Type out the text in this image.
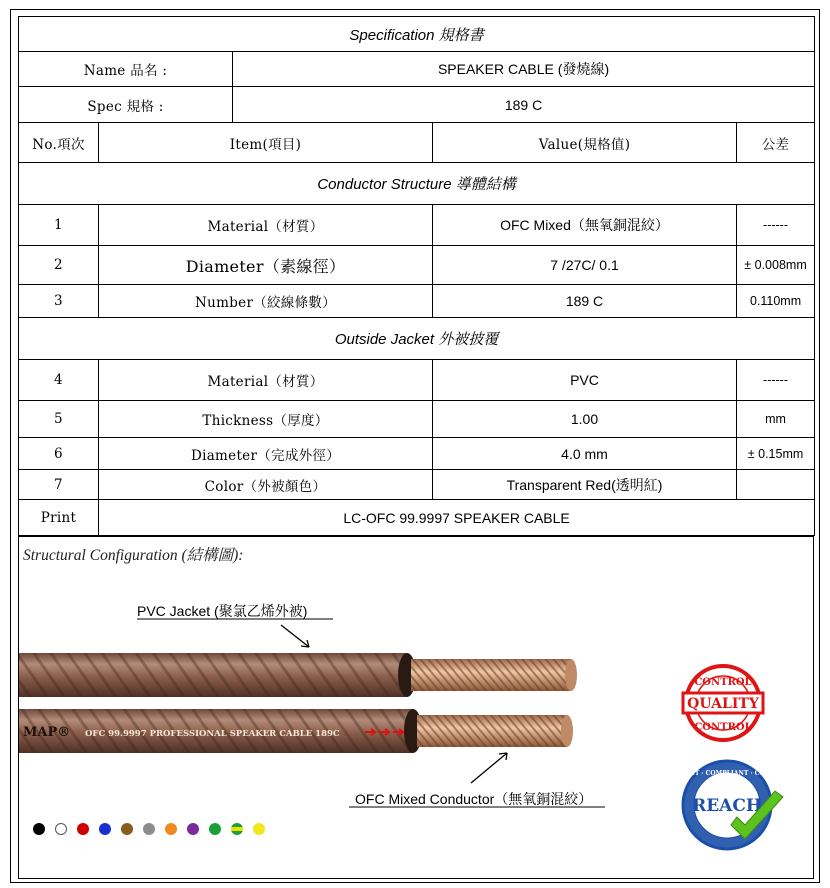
Specification 規格書				
Name 品名 :		SPEAKER CABLE (發燒線)		
Spec 規格 :		189 C		
No.項次	Item(項目)		Value(規格值)	公差
Conductor Structure 導體結構				
1	Material（材質）		OFC Mixed（無氧銅混絞）	------
2	Diameter（素線徑）		7 /27C/ 0.1	± 0.008mm
3	Number（絞線條數）		189 C	0.110mm
Outside Jacket 外被披覆				
4	Material（材質）		PVC	------
5	Thickness（厚度）		1.00	mm
6	Diameter（完成外徑）		4.0 mm	± 0.15mm
7	Color（外被顏色）		Transparent Red(透明紅)	
Print	LC-OFC 99.9997 SPEAKER CABLE			
Structural Configuration (結構圖):
MAP® OFC 99.9997 PROFESSIONAL SPEAKER CABLE 189C
QUALITY
CONTROL
CONTROL
REACH
COMPLIANT · COMPLIANT · COMPLIANT
PVC Jacket (聚氯乙烯外被)
OFC Mixed Conductor（無氧銅混絞）
